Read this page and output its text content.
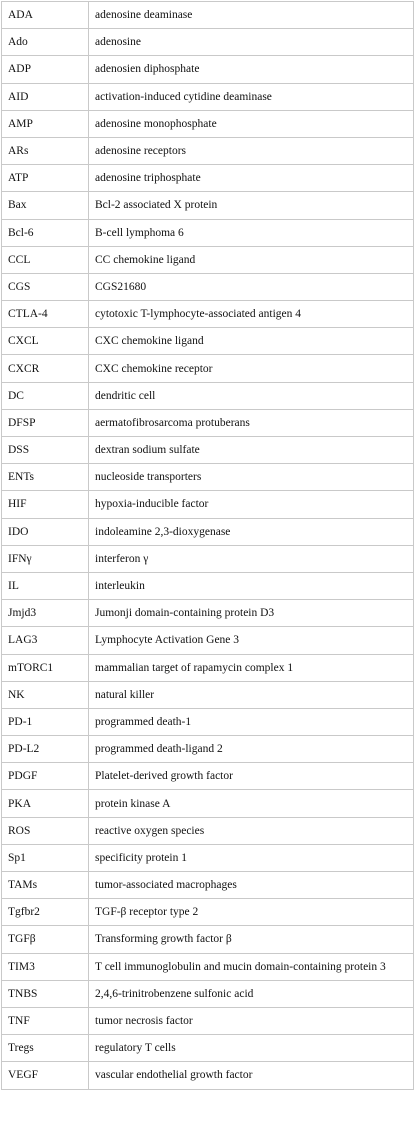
ADA	adenosine deaminase
Ado	adenosine
ADP	adenosien diphosphate
AID	activation-induced cytidine deaminase
AMP	adenosine monophosphate
ARs	adenosine receptors
ATP	adenosine triphosphate
Bax	Bcl-2 associated X protein
Bcl-6	B-cell lymphoma 6
CCL	CC chemokine ligand
CGS	CGS21680
CTLA-4	cytotoxic T-lymphocyte-associated antigen 4
CXCL	CXC chemokine ligand
CXCR	CXC chemokine receptor
DC	dendritic cell
DFSP	aermatofibrosarcoma protuberans
DSS	dextran sodium sulfate
ENTs	nucleoside transporters
HIF	hypoxia-inducible factor
IDO	indoleamine 2,3-dioxygenase
IFNγ	interferon γ
IL	interleukin
Jmjd3	Jumonji domain-containing protein D3
LAG3	Lymphocyte Activation Gene 3
mTORC1	mammalian target of rapamycin complex 1
NK	natural killer
PD-1	programmed death-1
PD-L2	programmed death-ligand 2
PDGF	Platelet-derived growth factor
PKA	protein kinase A
ROS	reactive oxygen species
Sp1	specificity protein 1
TAMs	tumor-associated macrophages
Tgfbr2	TGF-β receptor type 2
TGFβ	Transforming growth factor β
TIM3	T cell immunoglobulin and mucin domain-containing protein 3
TNBS	2,4,6-trinitrobenzene sulfonic acid
TNF	tumor necrosis factor
Tregs	regulatory T cells
VEGF	vascular endothelial growth factor
